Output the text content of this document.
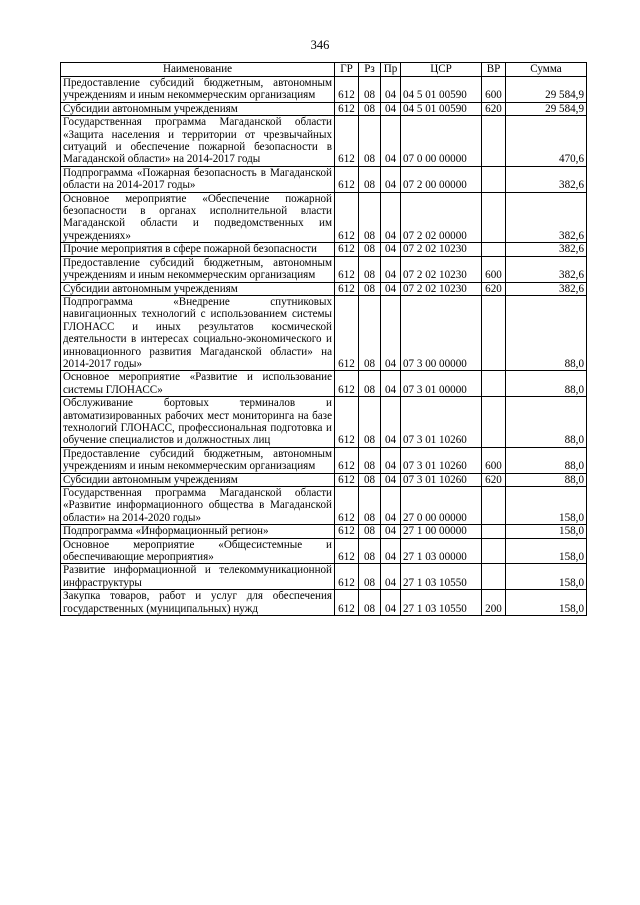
346
Наименование	ГР	Рз	Пр	ЦСР	ВР	Сумма
Предоставление субсидий бюджетным, автономным учреждениям и иным некоммерческим организациям	612	08	04	04 5 01 00590	600	29 584,9
Субсидии автономным учреждениям	612	08	04	04 5 01 00590	620	29 584,9
Государственная программа Магаданской области «Защита населения и территории от чрезвычайных ситуаций и обеспечение пожарной безопасности в Магаданской области» на 2014-2017 годы	612	08	04	07 0 00 00000		470,6
Подпрограмма «Пожарная безопасность в Магаданской области на 2014-2017 годы»	612	08	04	07 2 00 00000		382,6
Основное мероприятие «Обеспечение пожарной безопасности в органах исполнительной власти Магаданской области и подведомственных им учреждениях»	612	08	04	07 2 02 00000		382,6
Прочие мероприятия в сфере пожарной безопасности	612	08	04	07 2 02 10230		382,6
Предоставление субсидий бюджетным, автономным учреждениям и иным некоммерческим организациям	612	08	04	07 2 02 10230	600	382,6
Субсидии автономным учреждениям	612	08	04	07 2 02 10230	620	382,6
Подпрограмма «Внедрение спутниковых навигационных технологий с использованием системы ГЛОНАСС и иных результатов космической деятельности в интересах социально-экономического и инновационного развития Магаданской области» на 2014-2017 годы»	612	08	04	07 3 00 00000		88,0
Основное мероприятие «Развитие и использование системы ГЛОНАСС»	612	08	04	07 3 01 00000		88,0
Обслуживание бортовых терминалов и автоматизированных рабочих мест мониторинга на базе технологий ГЛОНАСС, профессиональная подготовка и обучение специалистов и должностных лиц	612	08	04	07 3 01 10260		88,0
Предоставление субсидий бюджетным, автономным учреждениям и иным некоммерческим организациям	612	08	04	07 3 01 10260	600	88,0
Субсидии автономным учреждениям	612	08	04	07 3 01 10260	620	88,0
Государственная программа Магаданской области «Развитие информационного общества в Магаданской области» на 2014-2020 годы»	612	08	04	27 0 00 00000		158,0
Подпрограмма «Информационный регион»	612	08	04	27 1 00 00000		158,0
Основное мероприятие «Общесистемные и обеспечивающие мероприятия»	612	08	04	27 1 03 00000		158,0
Развитие информационной и телекоммуникационной инфраструктуры	612	08	04	27 1 03 10550		158,0
Закупка товаров, работ и услуг для обеспечения государственных (муниципальных) нужд	612	08	04	27 1 03 10550	200	158,0
